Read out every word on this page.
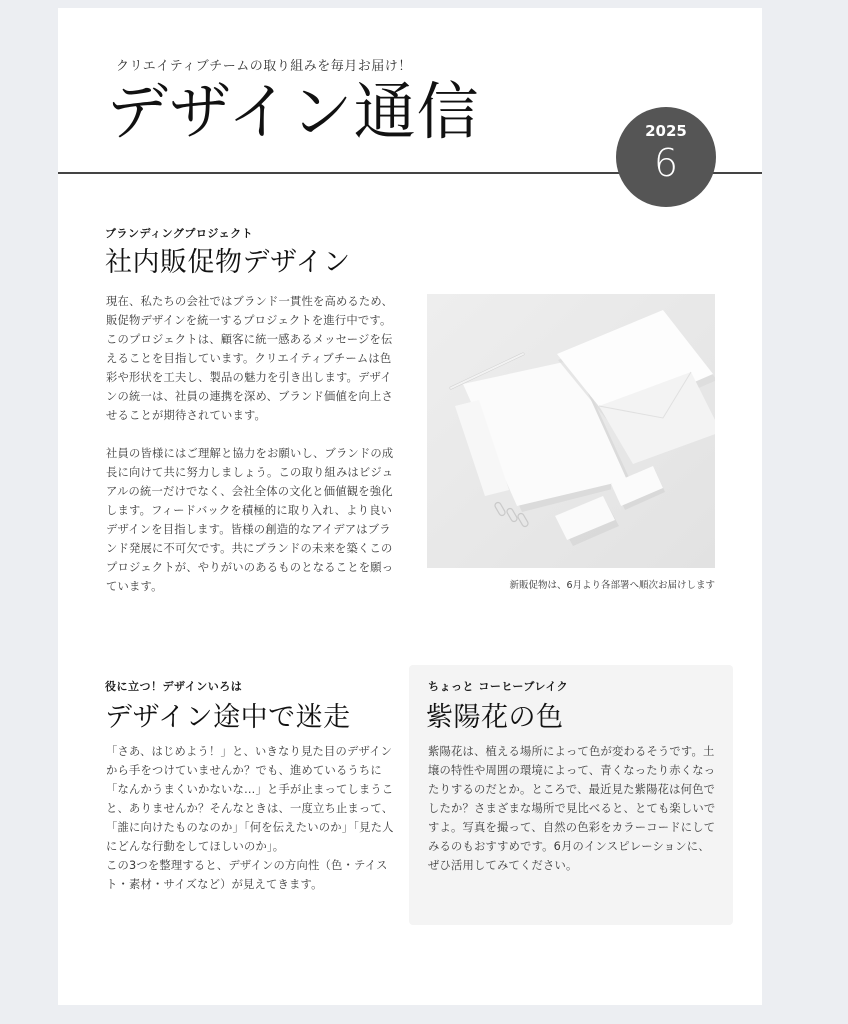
クリエイティブチームの取り組みを毎月お届け！
デザイン通信	2025
6
ブランディングプロジェクト
社内販促物デザイン

現在、私たちの会社ではブランド一貫性を高めるため、販促物デザインを統一するプロジェクトを進行中です。このプロジェクトは、顧客に統一感あるメッセージを伝えることを目指しています。クリエイティブチームは色彩や形状を工夫し、製品の魅力を引き出します。デザインの統一は、社員の連携を深め、ブランド価値を向上させることが期待されています。

社員の皆様にはご理解と協力をお願いし、ブランドの成長に向けて共に努力しましょう。この取り組みはビジュアルの統一だけでなく、会社全体の文化と価値観を強化します。フィードバックを積極的に取り入れ、より良いデザインを目指します。皆様の創造的なアイデアはブランド発展に不可欠です。共にブランドの未来を築くこのプロジェクトが、やりがいのあるものとなることを願っています。	新販促物は、6月より各部署へ順次お届けします
役に立つ！デザインいろは
デザイン途中で迷走

「さあ、はじめよう！」と、いきなり見た目のデザインから手をつけていませんか？でも、進めているうちに「なんかうまくいかないな…」と手が止まってしまうこと、ありませんか？そんなときは、一度立ち止まって、「誰に向けたものなのか」「何を伝えたいのか」「見た人にどんな行動をしてほしいのか」。
この3つを整理すると、デザインの方向性（色・テイスト・素材・サイズなど）が見えてきます。

ちょっと コーヒーブレイク
紫陽花の色

紫陽花は、植える場所によって色が変わるそうです。土壌の特性や周囲の環境によって、青くなったり赤くなったりするのだとか。ところで、最近見た紫陽花は何色でしたか？さまざまな場所で見比べると、とても楽しいですよ。写真を撮って、自然の色彩をカラーコードにしてみるのもおすすめです。6月のインスピレーションに、ぜひ活用してみてください。
